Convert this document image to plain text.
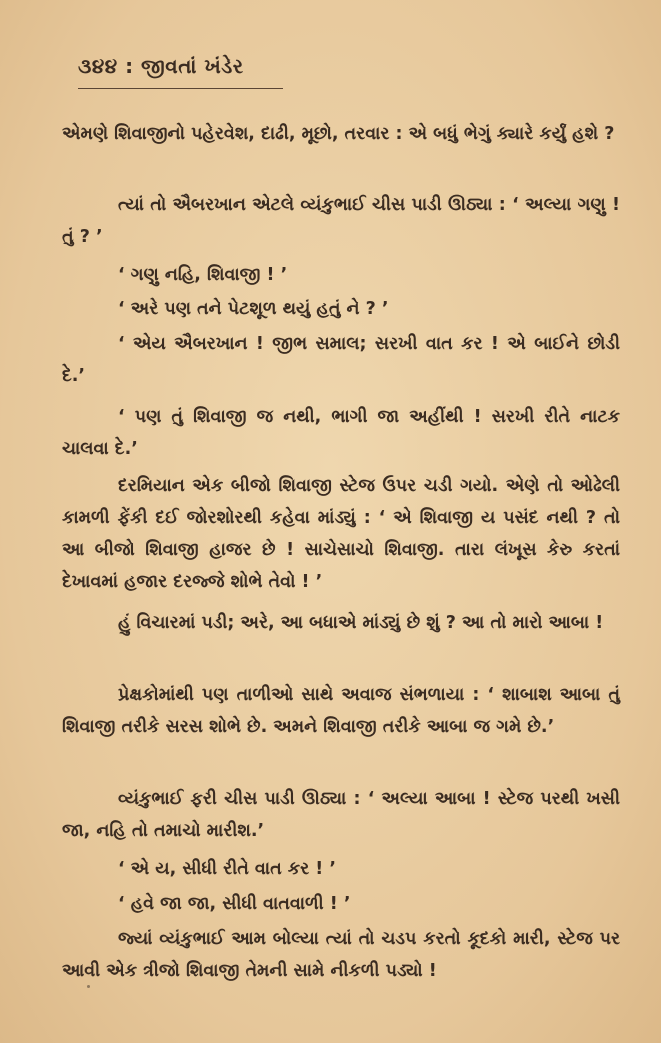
૩૪૪ : જીવતાં ખંડેર

એમણે શિવાજીનો પહેરવેશ, દાઢી, મૂછો, તરવાર : એ બધું ભેગું ક્યારે કર્યું હશે ?

ત્યાં તો ઐબરખાન એટલે વ્યંકુભાઈ ચીસ પાડી ઊઠ્યા : ‘ અલ્યા ગણુ ! તું ? ’

‘ ગણુ નહિ, શિવાજી ! ’

‘ અરે પણ તને પેટશૂળ થયું હતું ને ? ’

‘ એય ઐબરખાન ! જીભ સમાલ; સરખી વાત કર ! એ બાઈને છોડી દે.’

‘ પણ તું શિવાજી જ નથી, ભાગી જા અહીંથી ! સરખી રીતે નાટક ચાલવા દે.’

દરમિયાન એક બીજો શિવાજી સ્ટેજ ઉપર ચડી ગયો. એણે તો ઓઢેલી કામળી ફેંકી દઈ જોરશોરથી કહેવા માંડ્યું : ‘ એ શિવાજી ય પસંદ નથી ? તો આ બીજો શિવાજી હાજર છે ! સાચેસાચો શિવાજી. તારા લંખૂસ કેરુ કરતાં દેખાવમાં હજાર દરજ્જે શોભે તેવો ! ’

હું વિચારમાં પડી; અરે, આ બધાએ માંડ્યું છે શું ? આ તો મારો આબા !

પ્રેક્ષકોમાંથી પણ તાળીઓ સાથે અવાજ સંભળાયા : ‘ શાબાશ આબા તું શિવાજી તરીકે સરસ શોભે છે. અમને શિવાજી તરીકે આબા જ ગમે છે.’

વ્યંકુભાઈ ફરી ચીસ પાડી ઊઠ્યા : ‘ અલ્યા આબા ! સ્ટેજ પરથી ખસી જા, નહિ તો તમાચો મારીશ.’

‘ એ ય, સીધી રીતે વાત કર ! ’

‘ હવે જા જા, સીધી વાતવાળી ! ’

જ્યાં વ્યંકુભાઈ આમ બોલ્યા ત્યાં તો ચડપ કરતો કૂદકો મારી, સ્ટેજ પર આવી એક ત્રીજો શિવાજી તેમની સામે નીકળી પડ્યો !
